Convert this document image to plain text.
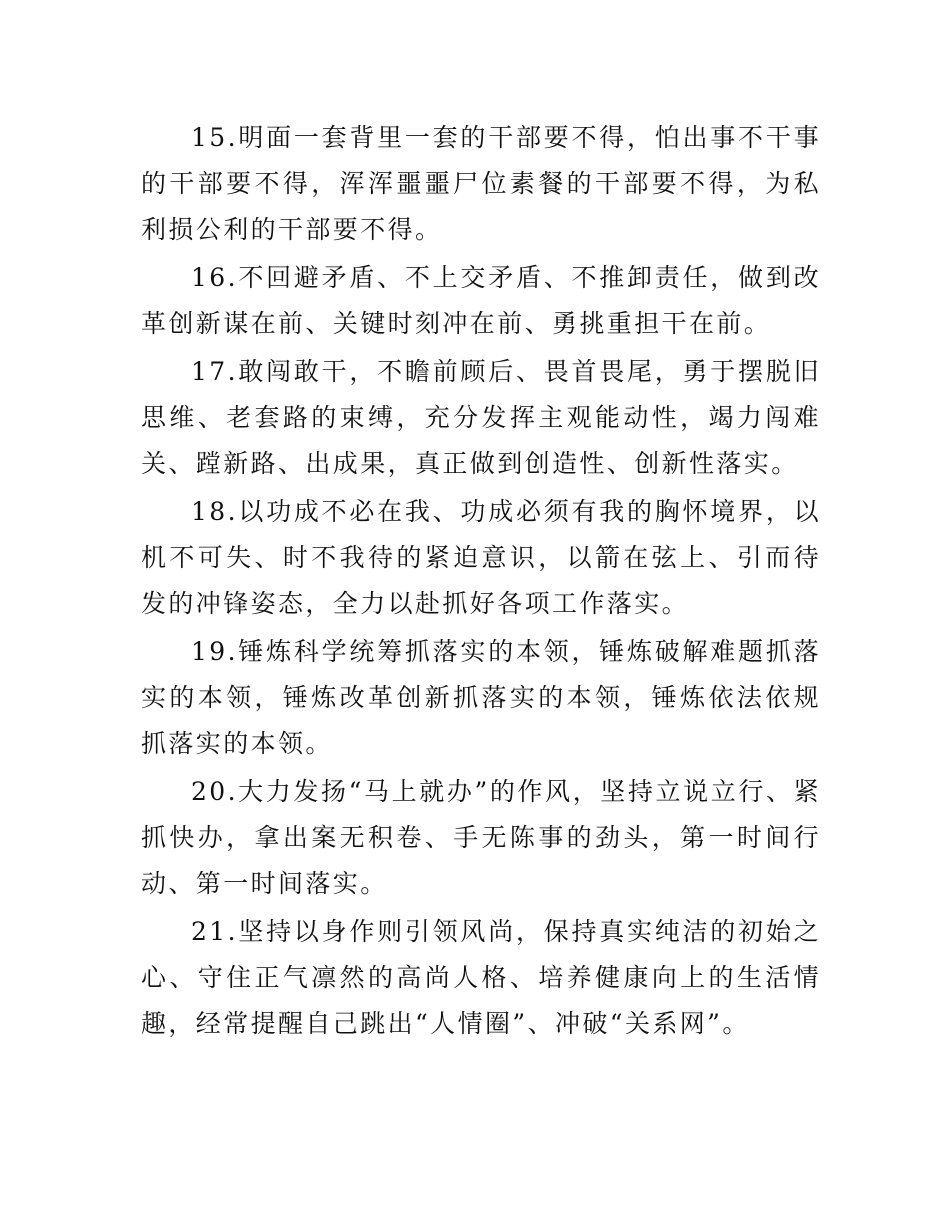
15.明面一套背里一套的干部要不得，怕出事不干事的干部要不得，浑浑噩噩尸位素餐的干部要不得，为私利损公利的干部要不得。

16.不回避矛盾、不上交矛盾、不推卸责任，做到改革创新谋在前、关键时刻冲在前、勇挑重担干在前。

17.敢闯敢干，不瞻前顾后、畏首畏尾，勇于摆脱旧思维、老套路的束缚，充分发挥主观能动性，竭力闯难关、蹚新路、出成果，真正做到创造性、创新性落实。

18.以功成不必在我、功成必须有我的胸怀境界，以机不可失、时不我待的紧迫意识，以箭在弦上、引而待发的冲锋姿态，全力以赴抓好各项工作落实。

19.锤炼科学统筹抓落实的本领，锤炼破解难题抓落实的本领，锤炼改革创新抓落实的本领，锤炼依法依规抓落实的本领。

20.大力发扬“马上就办”的作风，坚持立说立行、紧抓快办，拿出案无积卷、手无陈事的劲头，第一时间行动、第一时间落实。

21.坚持以身作则引领风尚，保持真实纯洁的初始之心、守住正气凛然的高尚人格、培养健康向上的生活情趣，经常提醒自己跳出“人情圈”、冲破“关系网”。
